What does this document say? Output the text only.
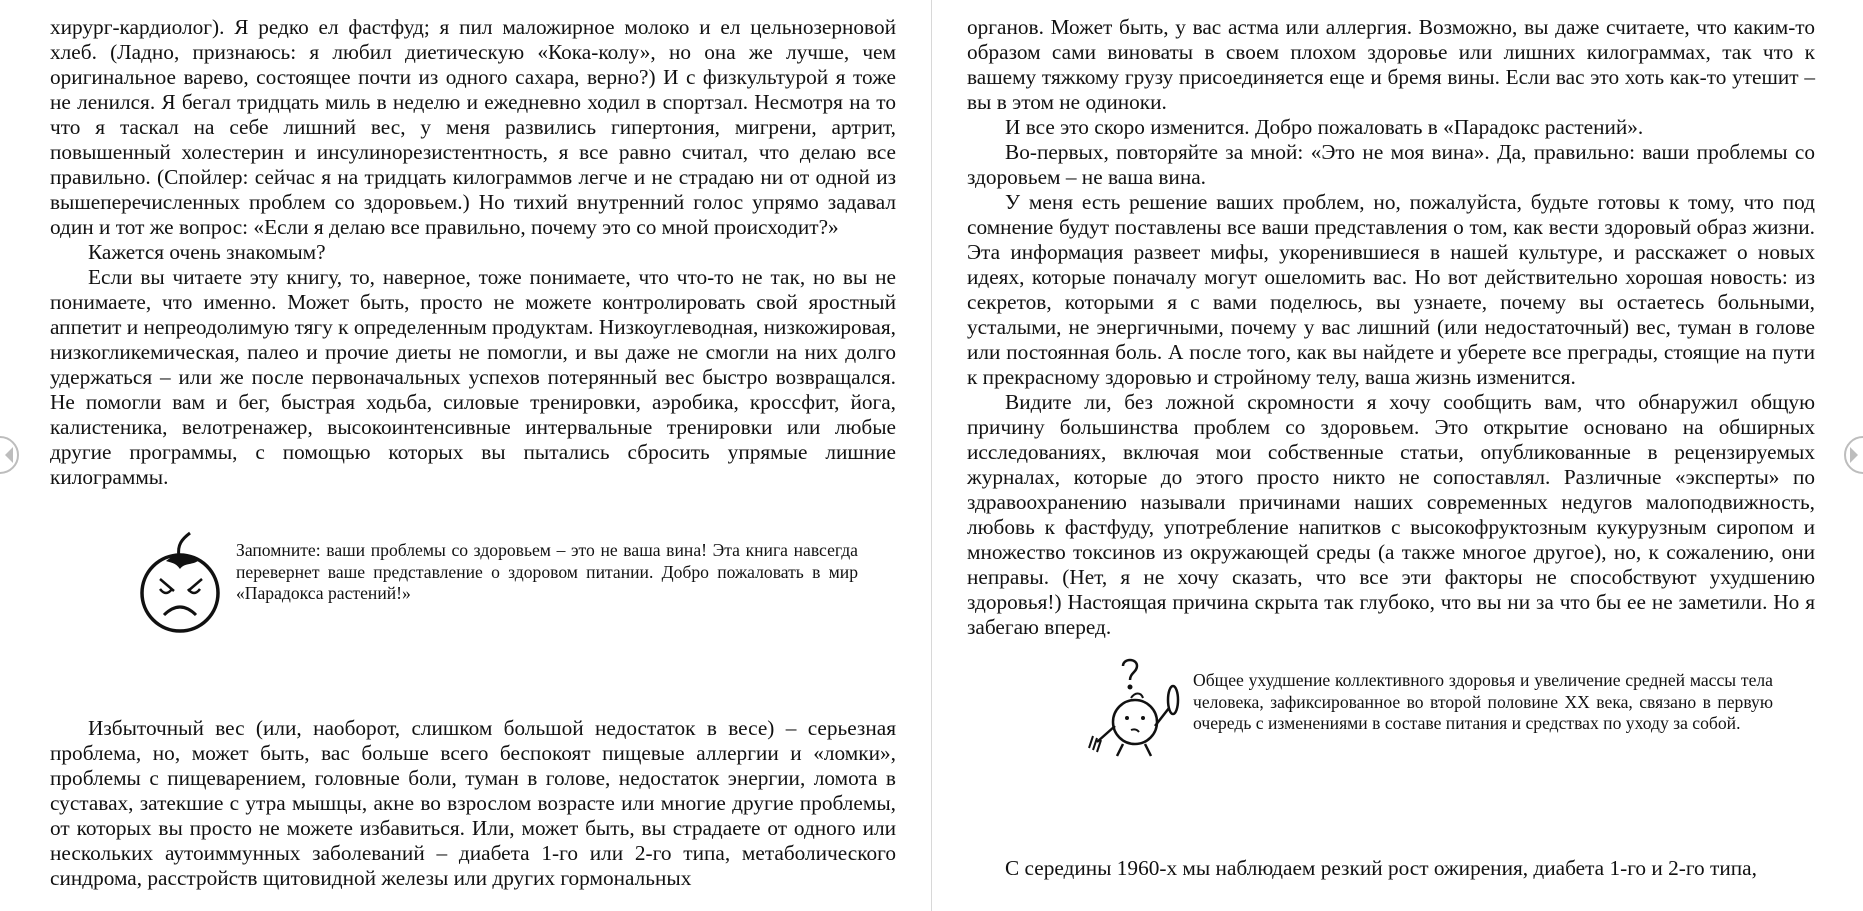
хирург-кардиолог). Я редко ел фастфуд; я пил маложирное молоко и ел цельнозерновой хлеб. (Ладно, признаюсь: я любил диетическую «Кока-колу», но она же лучше, чем оригинальное варево, состоящее почти из одного сахара, верно?) И с физкультурой я тоже не ленился. Я бегал тридцать миль в неделю и ежедневно ходил в спортзал. Несмотря на то что я таскал на себе лишний вес, у меня развились гипертония, мигрени, артрит, повышенный холестерин и инсулинорезистентность, я все равно считал, что делаю все правильно. (Спойлер: сейчас я на тридцать килограммов легче и не страдаю ни от одной из вышеперечисленных проблем со здоровьем.) Но тихий внутренний голос упрямо задавал один и тот же вопрос: «Если я делаю все правильно, почему это со мной происходит?»

Кажется очень знакомым?

Если вы читаете эту книгу, то, наверное, тоже понимаете, что что-то не так, но вы не понимаете, что именно. Может быть, просто не можете контролировать свой яростный аппетит и непреодолимую тягу к определенным продуктам. Низкоуглеводная, низкожировая, низкогликемическая, палео и прочие диеты не помогли, и вы даже не смогли на них долго удержаться – или же после первоначальных успехов потерянный вес быстро возвращался. Не помогли вам и бег, быстрая ходьба, силовые тренировки, аэробика, кроссфит, йога, калистеника, велотренажер, высокоинтенсивные интервальные тренировки или любые другие программы, с помощью которых вы пытались сбросить упрямые лишние килограммы.

Запомните: ваши проблемы со здоровьем – это не ваша вина! Эта книга навсегда перевернет ваше представление о здоровом питании. Добро пожаловать в мир «Парадокса растений!»

Избыточный вес (или, наоборот, слишком большой недостаток в весе) – серьезная проблема, но, может быть, вас больше всего беспокоят пищевые аллергии и «ломки», проблемы с пищеварением, головные боли, туман в голове, недостаток энергии, ломота в суставах, затекшие с утра мышцы, акне во взрослом возрасте или многие другие проблемы, от которых вы просто не можете избавиться. Или, может быть, вы страдаете от одного или нескольких аутоиммунных заболеваний – диабета 1-го или 2-го типа, метаболического синдрома, расстройств щитовидной железы или других гормональных

органов. Может быть, у вас астма или аллергия. Возможно, вы даже считаете, что каким-то образом сами виноваты в своем плохом здоровье или лишних килограммах, так что к вашему тяжкому грузу присоединяется еще и бремя вины. Если вас это хоть как-то утешит – вы в этом не одиноки.

И все это скоро изменится. Добро пожаловать в «Парадокс растений».

Во-первых, повторяйте за мной: «Это не моя вина». Да, правильно: ваши проблемы со здоровьем – не ваша вина.

У меня есть решение ваших проблем, но, пожалуйста, будьте готовы к тому, что под сомнение будут поставлены все ваши представления о том, как вести здоровый образ жизни. Эта информация развеет мифы, укоренившиеся в нашей культуре, и расскажет о новых идеях, которые поначалу могут ошеломить вас. Но вот действительно хорошая новость: из секретов, которыми я с вами поделюсь, вы узнаете, почему вы остаетесь больными, усталыми, не энергичными, почему у вас лишний (или недостаточный) вес, туман в голове или постоянная боль. А после того, как вы найдете и уберете все преграды, стоящие на пути к прекрасному здоровью и стройному телу, ваша жизнь изменится.

Видите ли, без ложной скромности я хочу сообщить вам, что обнаружил общую причину большинства проблем со здоровьем. Это открытие основано на обширных исследованиях, включая мои собственные статьи, опубликованные в рецензируемых журналах, которые до этого просто никто не сопоставлял. Различные «эксперты» по здравоохранению называли причинами наших современных недугов малоподвижность, любовь к фастфуду, употребление напитков с высокофруктозным кукурузным сиропом и множество токсинов из окружающей среды (а также многое другое), но, к сожалению, они неправы. (Нет, я не хочу сказать, что все эти факторы не способствуют ухудшению здоровья!) Настоящая причина скрыта так глубоко, что вы ни за что бы ее не заметили. Но я забегаю вперед.

Общее ухудшение коллективного здоровья и увеличение средней массы тела человека, зафиксированное во второй половине XX века, связано в первую очередь с изменениями в составе питания и средствах по уходу за собой.

С середины 1960-х мы наблюдаем резкий рост ожирения, диабета 1-го и 2-го типа,
